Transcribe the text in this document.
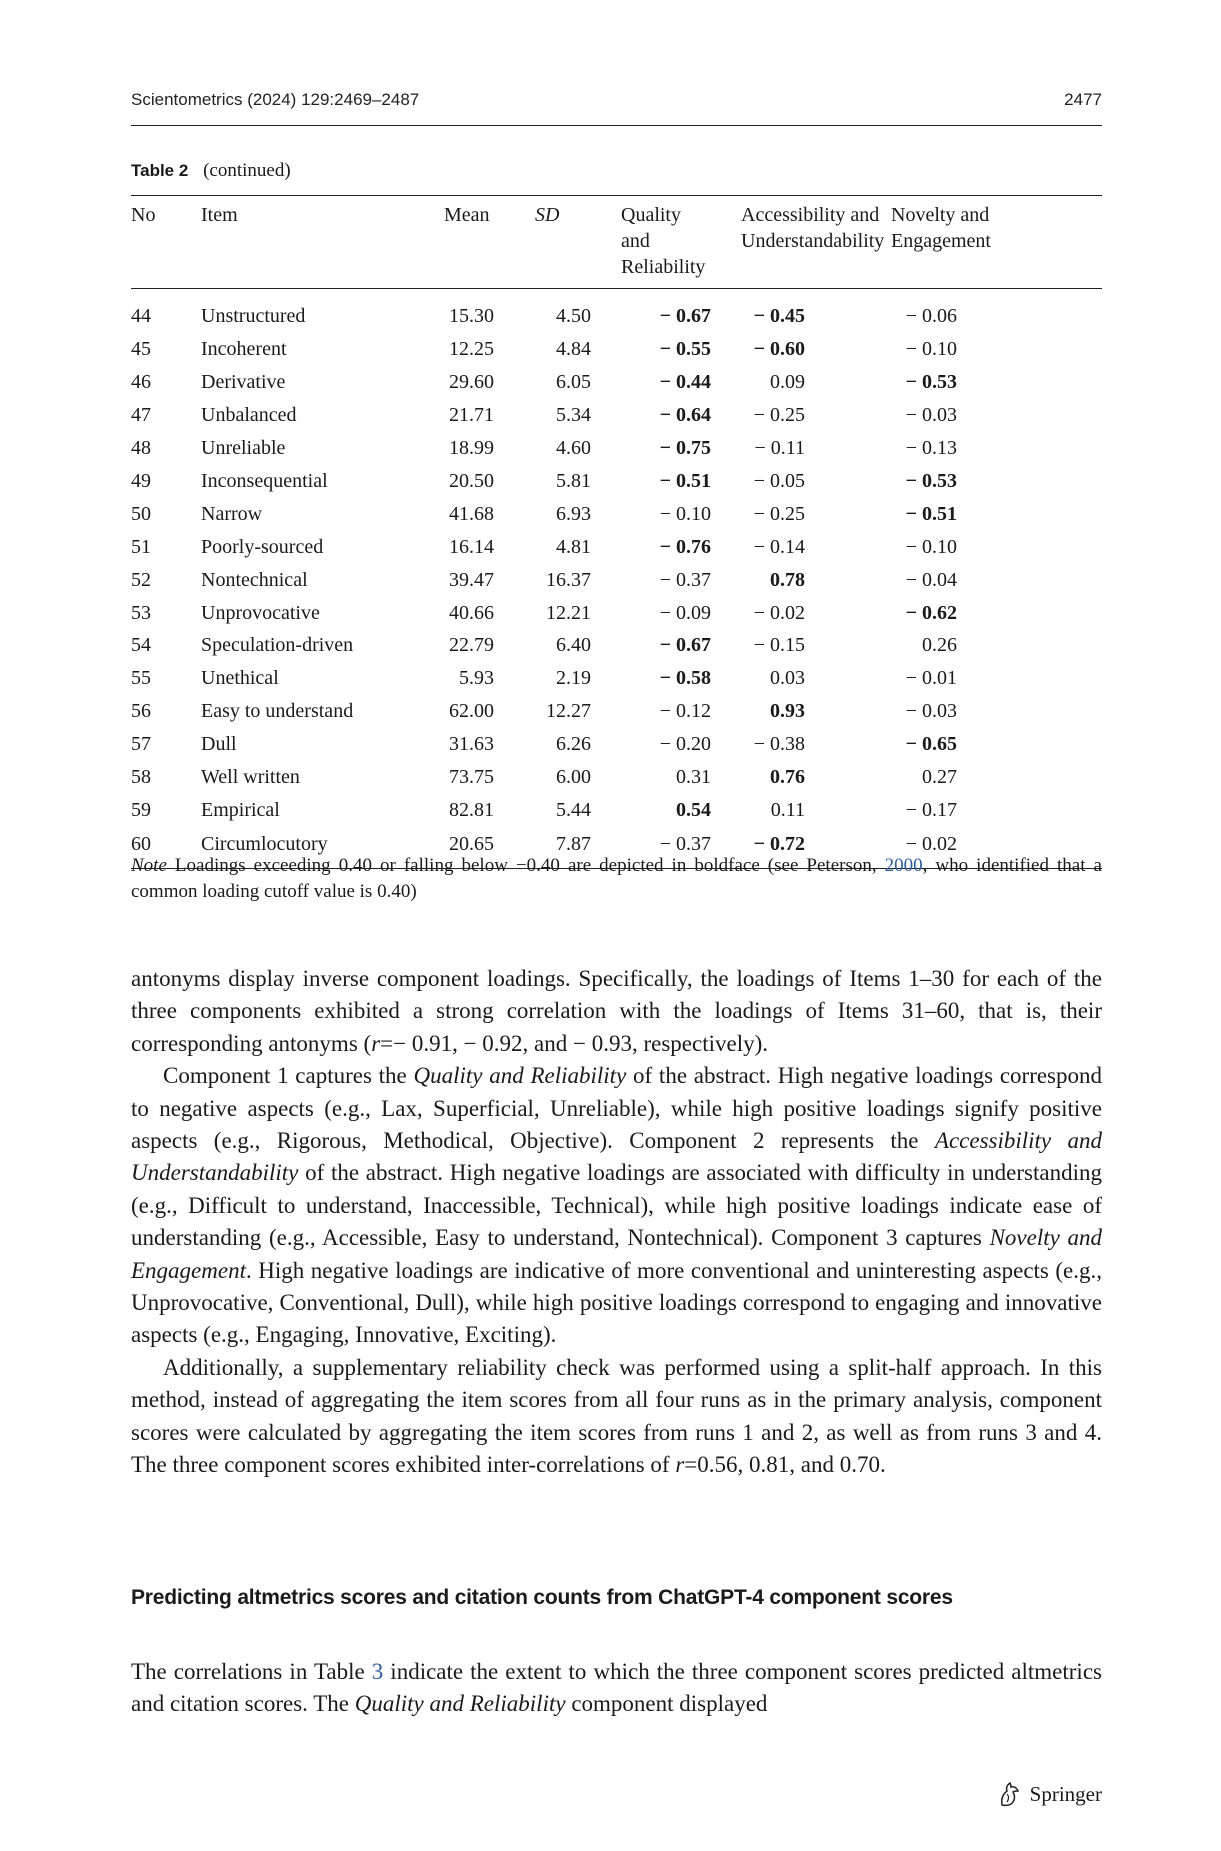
Scientometrics (2024) 129:2469–2487	2477
Table 2 (continued)
No	Item	Mean		SD		Quality and
Reliability		Accessibility and
Understandability	Novelty and
Engagement
44	Unstructured	15.30		4.50		− 0.67		− 0.45	− 0.06
45	Incoherent	12.25		4.84		− 0.55		− 0.60	− 0.10
46	Derivative	29.60		6.05		− 0.44		0.09	− 0.53
47	Unbalanced	21.71		5.34		− 0.64		− 0.25	− 0.03
48	Unreliable	18.99		4.60		− 0.75		− 0.11	− 0.13
49	Inconsequential	20.50		5.81		− 0.51		− 0.05	− 0.53
50	Narrow	41.68		6.93		− 0.10		− 0.25	− 0.51
51	Poorly-sourced	16.14		4.81		− 0.76		− 0.14	− 0.10
52	Nontechnical	39.47		16.37		− 0.37		0.78	− 0.04
53	Unprovocative	40.66		12.21		− 0.09		− 0.02	− 0.62
54	Speculation-driven	22.79		6.40		− 0.67		− 0.15	0.26
55	Unethical	5.93		2.19		− 0.58		0.03	− 0.01
56	Easy to understand	62.00		12.27		− 0.12		0.93	− 0.03
57	Dull	31.63		6.26		− 0.20		− 0.38	− 0.65
58	Well written	73.75		6.00		0.31		0.76	0.27
59	Empirical	82.81		5.44		0.54		0.11	− 0.17
60	Circumlocutory	20.65		7.87		− 0.37		− 0.72	− 0.02
Note Loadings exceeding 0.40 or falling below −0.40 are depicted in boldface (see Peterson, 2000, who identified that a common loading cutoff value is 0.40)

antonyms display inverse component loadings. Specifically, the loadings of Items 1–30 for each of the three components exhibited a strong correlation with the loadings of Items 31–60, that is, their corresponding antonyms (r=− 0.91, − 0.92, and − 0.93, respectively).

Component 1 captures the Quality and Reliability of the abstract. High negative loadings correspond to negative aspects (e.g., Lax, Superficial, Unreliable), while high positive loadings signify positive aspects (e.g., Rigorous, Methodical, Objective). Component 2 represents the Accessibility and Understandability of the abstract. High negative loadings are associated with difficulty in understanding (e.g., Difficult to understand, Inaccessible, Technical), while high positive loadings indicate ease of understanding (e.g., Accessible, Easy to understand, Nontechnical). Component 3 captures Novelty and Engagement. High negative loadings are indicative of more conventional and uninteresting aspects (e.g., Unprovocative, Conventional, Dull), while high positive loadings correspond to engaging and innovative aspects (e.g., Engaging, Innovative, Exciting).

Additionally, a supplementary reliability check was performed using a split-half approach. In this method, instead of aggregating the item scores from all four runs as in the primary analysis, component scores were calculated by aggregating the item scores from runs 1 and 2, as well as from runs 3 and 4. The three component scores exhibited inter-correlations of r=0.56, 0.81, and 0.70.

Predicting altmetrics scores and citation counts from ChatGPT-4 component scores

The correlations in Table 3 indicate the extent to which the three component scores predicted altmetrics and citation scores. The Quality and Reliability component displayed

Springer
